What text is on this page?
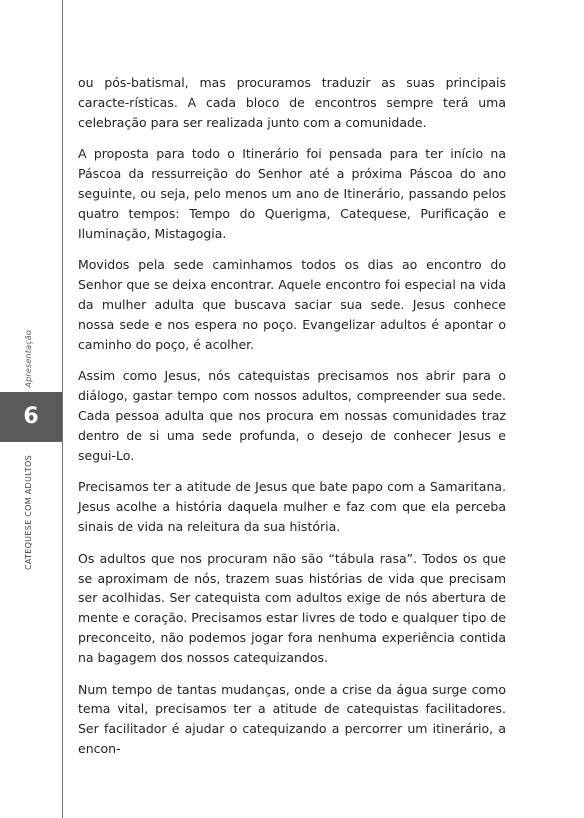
Apresentação
6
CATEQUESE COM ADULTOS

ou pós-batismal, mas procuramos traduzir as suas principais caracte-rísticas. A cada bloco de encontros sempre terá uma celebração para ser realizada junto com a comunidade.

A proposta para todo o Itinerário foi pensada para ter início na Páscoa da ressurreição do Senhor até a próxima Páscoa do ano seguinte, ou seja, pelo menos um ano de Itinerário, passando pelos quatro tempos: Tempo do Querigma, Catequese, Purificação e Iluminação, Mistagogia.

Movidos pela sede caminhamos todos os dias ao encontro do Senhor que se deixa encontrar. Aquele encontro foi especial na vida da mulher adulta que buscava saciar sua sede. Jesus conhece nossa sede e nos espera no poço. Evangelizar adultos é apontar o caminho do poço, é acolher.

Assim como Jesus, nós catequistas precisamos nos abrir para o diálogo, gastar tempo com nossos adultos, compreender sua sede. Cada pessoa adulta que nos procura em nossas comunidades traz dentro de si uma sede profunda, o desejo de conhecer Jesus e segui-Lo.

Precisamos ter a atitude de Jesus que bate papo com a Samaritana. Jesus acolhe a história daquela mulher e faz com que ela perceba sinais de vida na releitura da sua história.

Os adultos que nos procuram não são “tábula rasa”. Todos os que se aproximam de nós, trazem suas histórias de vida que precisam ser acolhidas. Ser catequista com adultos exige de nós abertura de mente e coração. Precisamos estar livres de todo e qualquer tipo de preconceito, não podemos jogar fora nenhuma experiência contida na bagagem dos nossos catequizandos.

Num tempo de tantas mudanças, onde a crise da água surge como tema vital, precisamos ter a atitude de catequistas facilitadores. Ser facilitador é ajudar o catequizando a percorrer um itinerário, a encon-
